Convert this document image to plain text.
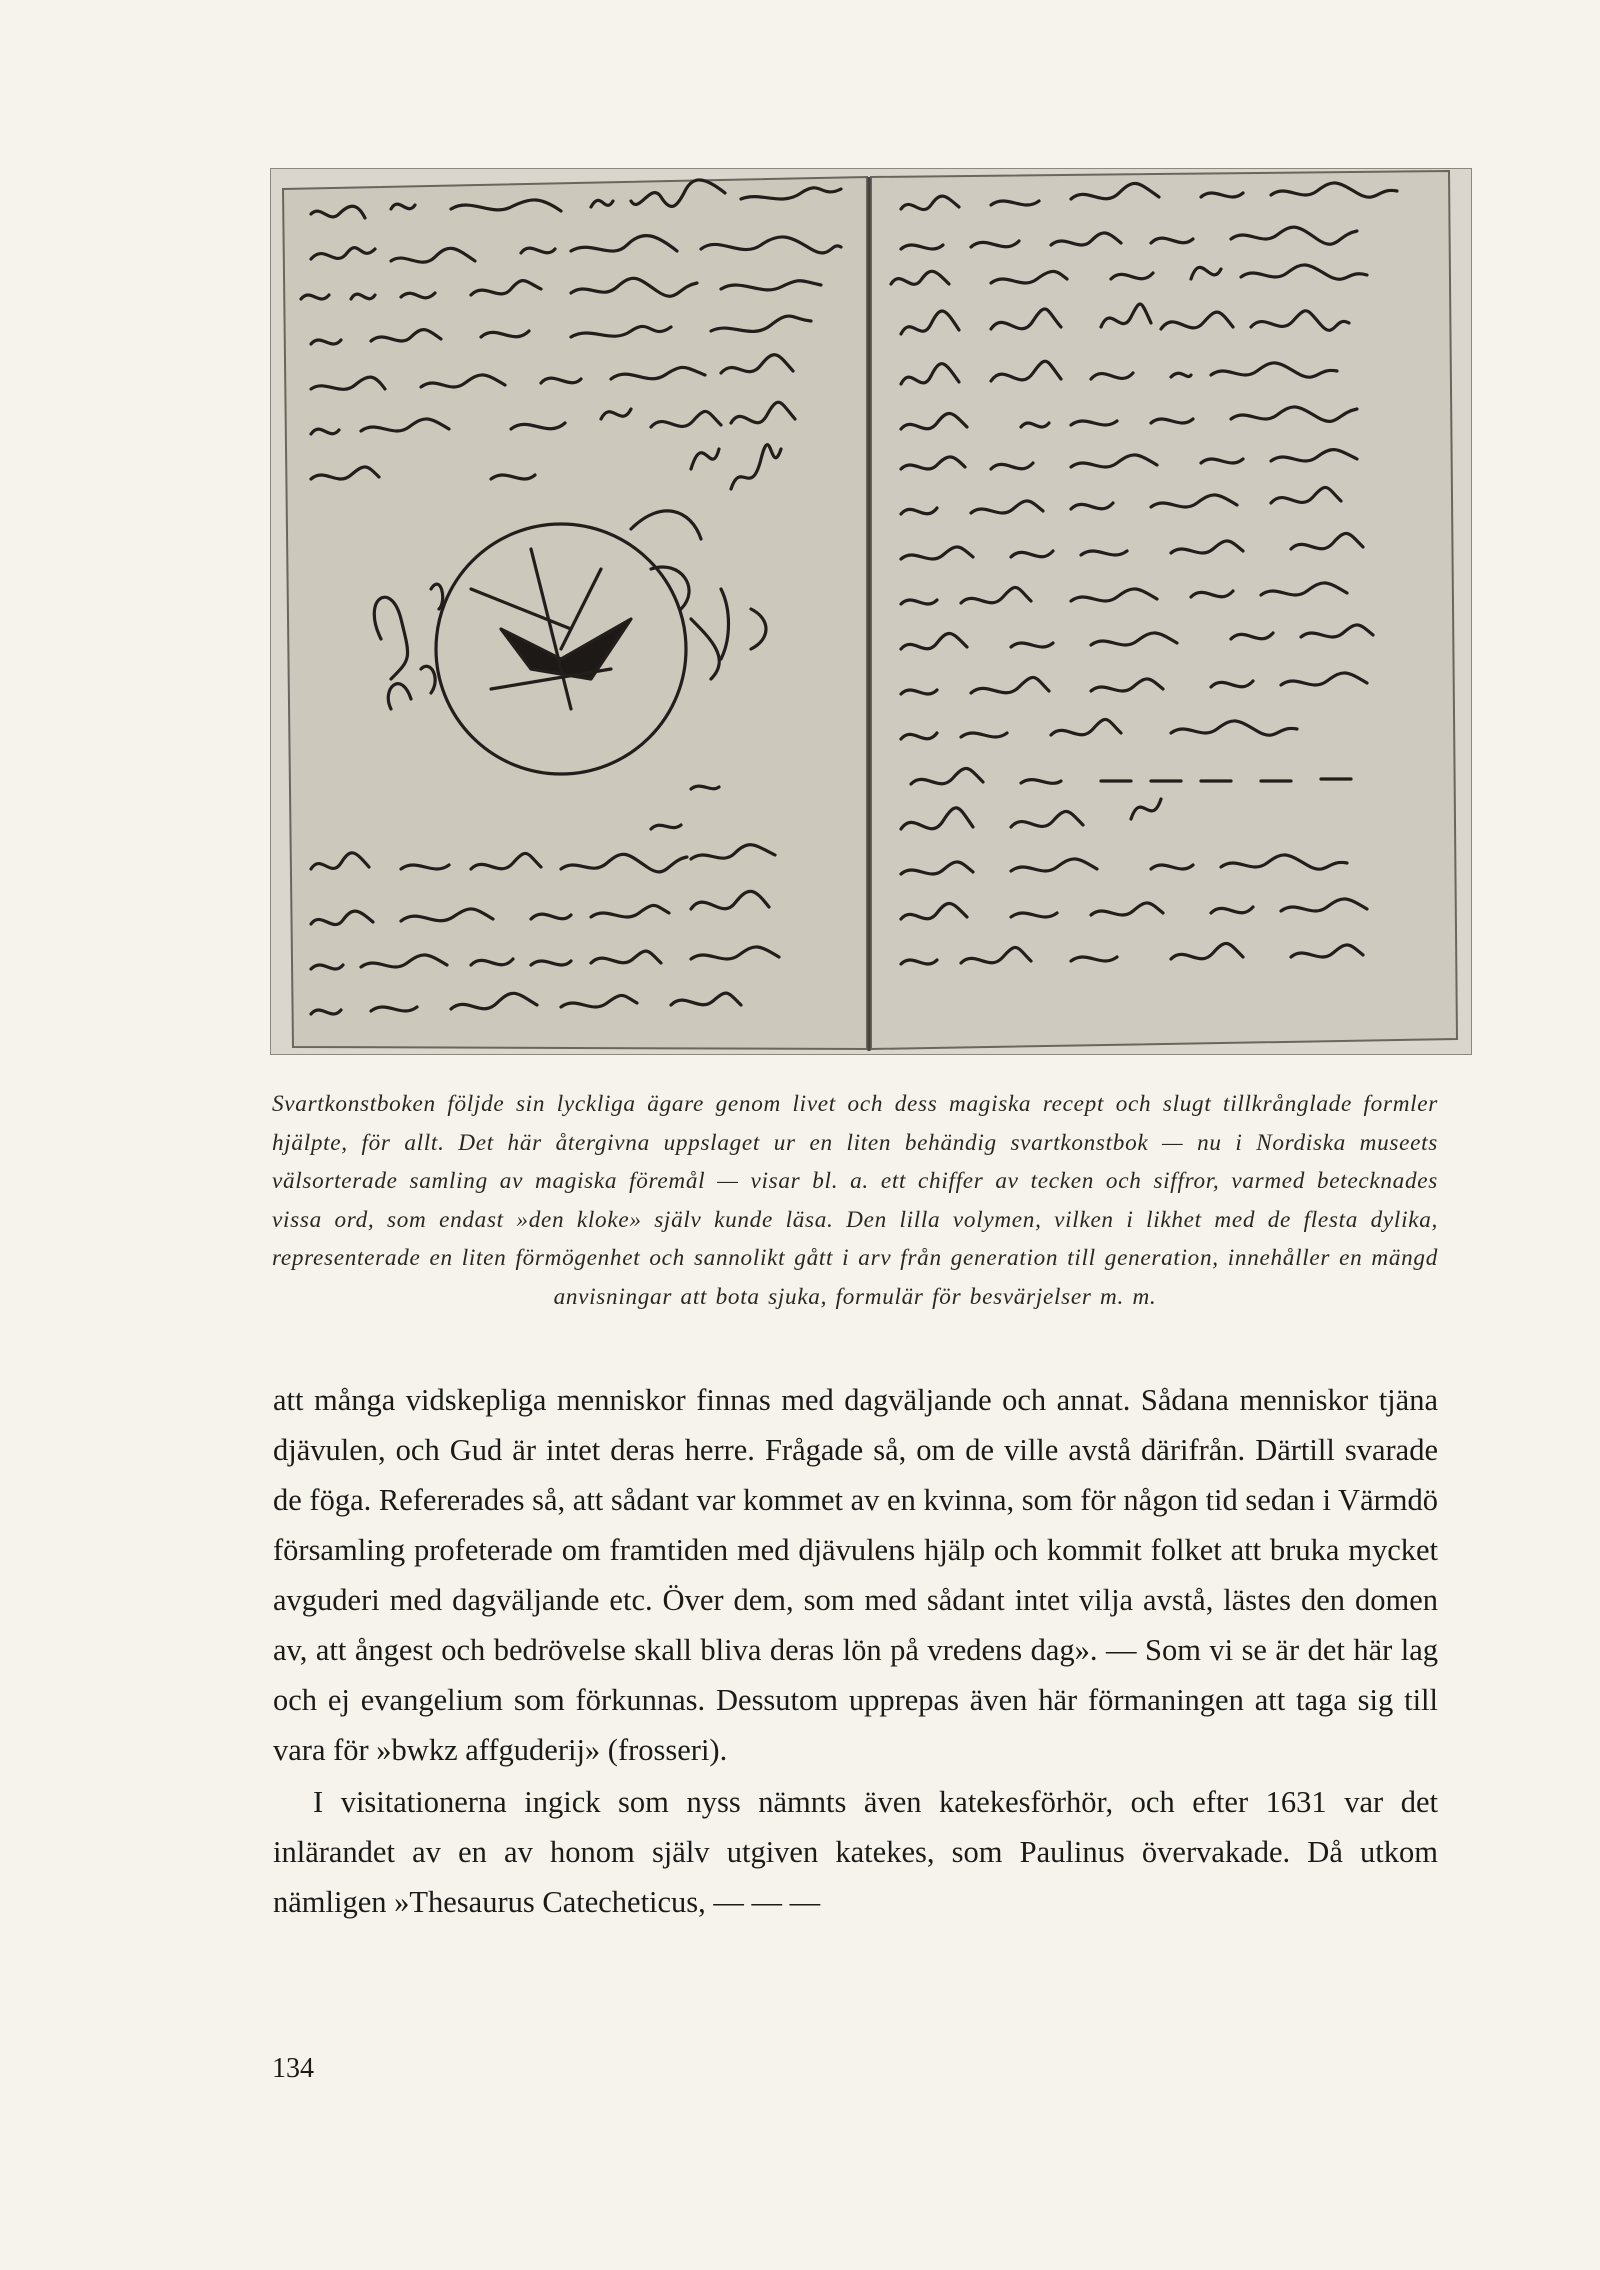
Svartkonstboken följde sin lyckliga ägare genom livet och dess magiska recept och slugt tillkrånglade formler hjälpte, för allt. Det här återgivna uppslaget ur en liten behändig svartkonstbok — nu i Nordiska museets välsorterade samling av magiska föremål — visar bl. a. ett chiffer av tecken och siffror, varmed betecknades vissa ord, som endast »den kloke» själv kunde läsa. Den lilla volymen, vilken i likhet med de flesta dylika, representerade en liten förmögenhet och sannolikt gått i arv från generation till generation, innehåller en mängd anvisningar att bota sjuka, formulär för besvärjelser m. m.

att många vidskepliga menniskor finnas med dagväljande och annat. Sådana menniskor tjäna djävulen, och Gud är intet deras herre. Frågade så, om de ville avstå därifrån. Därtill svarade de föga. Refererades så, att sådant var kommet av en kvinna, som för någon tid sedan i Värmdö församling profeterade om framtiden med djävulens hjälp och kommit folket att bruka mycket avguderi med dagväljande etc. Över dem, som med sådant intet vilja avstå, lästes den domen av, att ångest och bedrövelse skall bliva deras lön på vredens dag». — Som vi se är det här lag och ej evangelium som förkunnas. Dessutom upprepas även här förmaningen att taga sig till vara för »bwkz affguderij» (frosseri).

I visitationerna ingick som nyss nämnts även katekesförhör, och efter 1631 var det inlärandet av en av honom själv utgiven katekes, som Paulinus övervakade. Då utkom nämligen »Thesaurus Catecheticus, — — —

134
